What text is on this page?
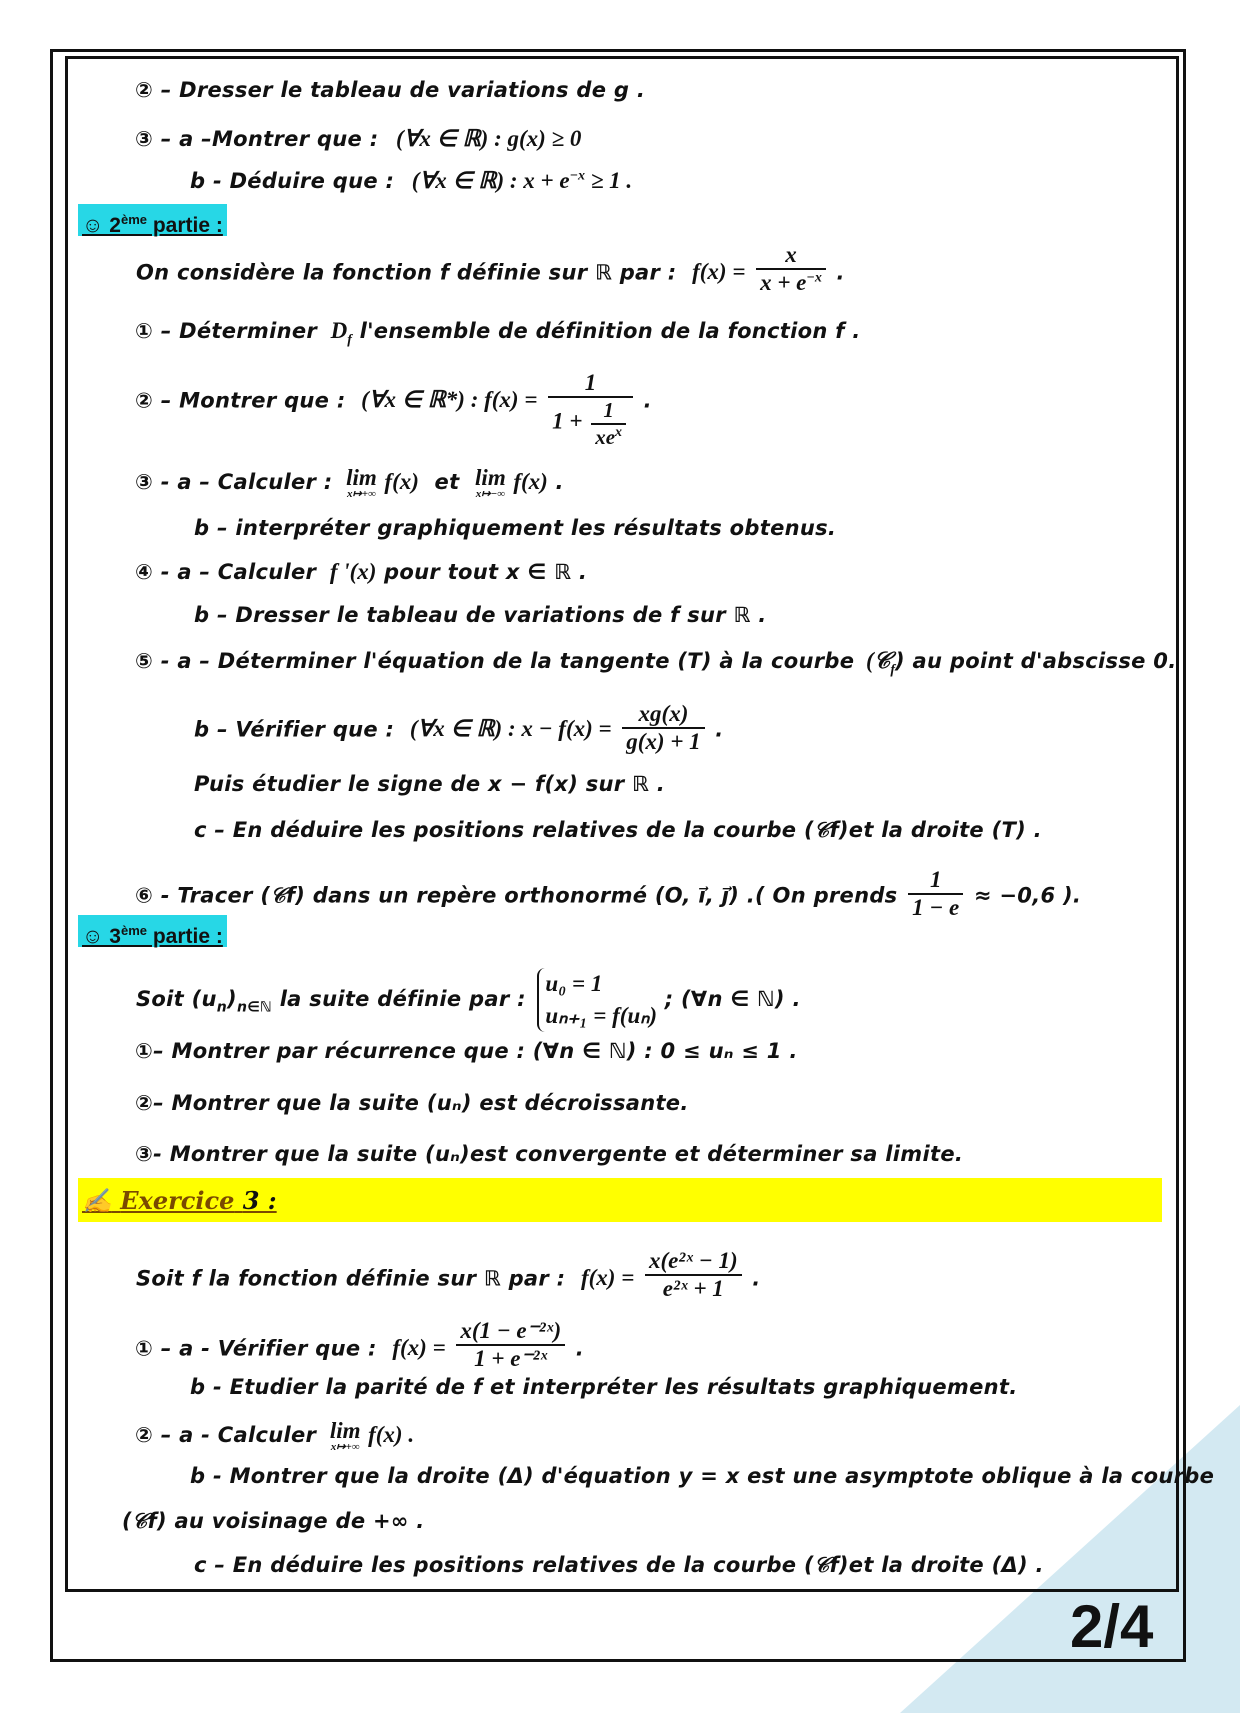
② – Dresser le tableau de variations de g .
③ – a –Montrer que : (∀x ∈ ℝ) : g(x) ≥ 0
b - Déduire que : (∀x ∈ ℝ) : $x + e^{-x} \ge 1$ .
☺ 2ème partie :
On considère la fonction f définie sur ℝ par : $f(x) = \frac{x}{x + e^{-x}}$ .
① – Déterminer $D_f$ l'ensemble de définition de la fonction f .
② – Montrer que : (∀x ∈ ℝ*) : $f(x) = \frac{1}{1 + \frac{1}{xe^x}}$ .
③ - a – Calculer : lim
x↦+∞ f(x) et lim
x↦−∞ f(x) .
b – interpréter graphiquement les résultats obtenus.
④ - a – Calculer f '(x) pour tout x ∈ ℝ .
b – Dresser le tableau de variations de f sur ℝ .
⑤ - a – Déterminer l'équation de la tangente (T) à la courbe (𝒞$_f$) au point d'abscisse 0.
b – Vérifier que : (∀x ∈ ℝ) : $x - f(x) = \frac{xg(x)}{g(x) + 1}$ .
Puis étudier le signe de x − f(x) sur ℝ .
c – En déduire les positions relatives de la courbe (𝒞f)et la droite (T) .
⑥ - Tracer (𝒞f) dans un repère orthonormé (O, i⃗, j⃗) .( On prends $\frac{1}{1 - e} \approx -0,6$ ).
☺ 3ème partie :
Soit $(u_n)_{n\in ℕ}$ la suite définie par :
u₀ = 1
uₙ₊₁ = f(uₙ)
; (∀n ∈ ℕ) .
①– Montrer par récurrence que : (∀n ∈ ℕ) : 0 ≤ uₙ ≤ 1 .
②– Montrer que la suite (uₙ) est décroissante.
③- Montrer que la suite (uₙ)est convergente et déterminer sa limite.
✍ Exercice 3 :
Soit f la fonction définie sur ℝ par : $f(x) = \frac{\text{x(e²ˣ − 1)}}{\text{e²ˣ + 1}}$ .
① – a - Vérifier que : $f(x) = \frac{\text{x(1 − e⁻²ˣ)}}{\text{1 + e⁻²ˣ}}$ .
b - Etudier la parité de f et interpréter les résultats graphiquement.
② – a - Calculer lim
x↦+∞ f(x) .
b - Montrer que la droite (Δ) d'équation y = x est une asymptote oblique à la courbe
(𝒞f) au voisinage de +∞ .
c – En déduire les positions relatives de la courbe (𝒞f)et la droite (Δ) .
2/4
